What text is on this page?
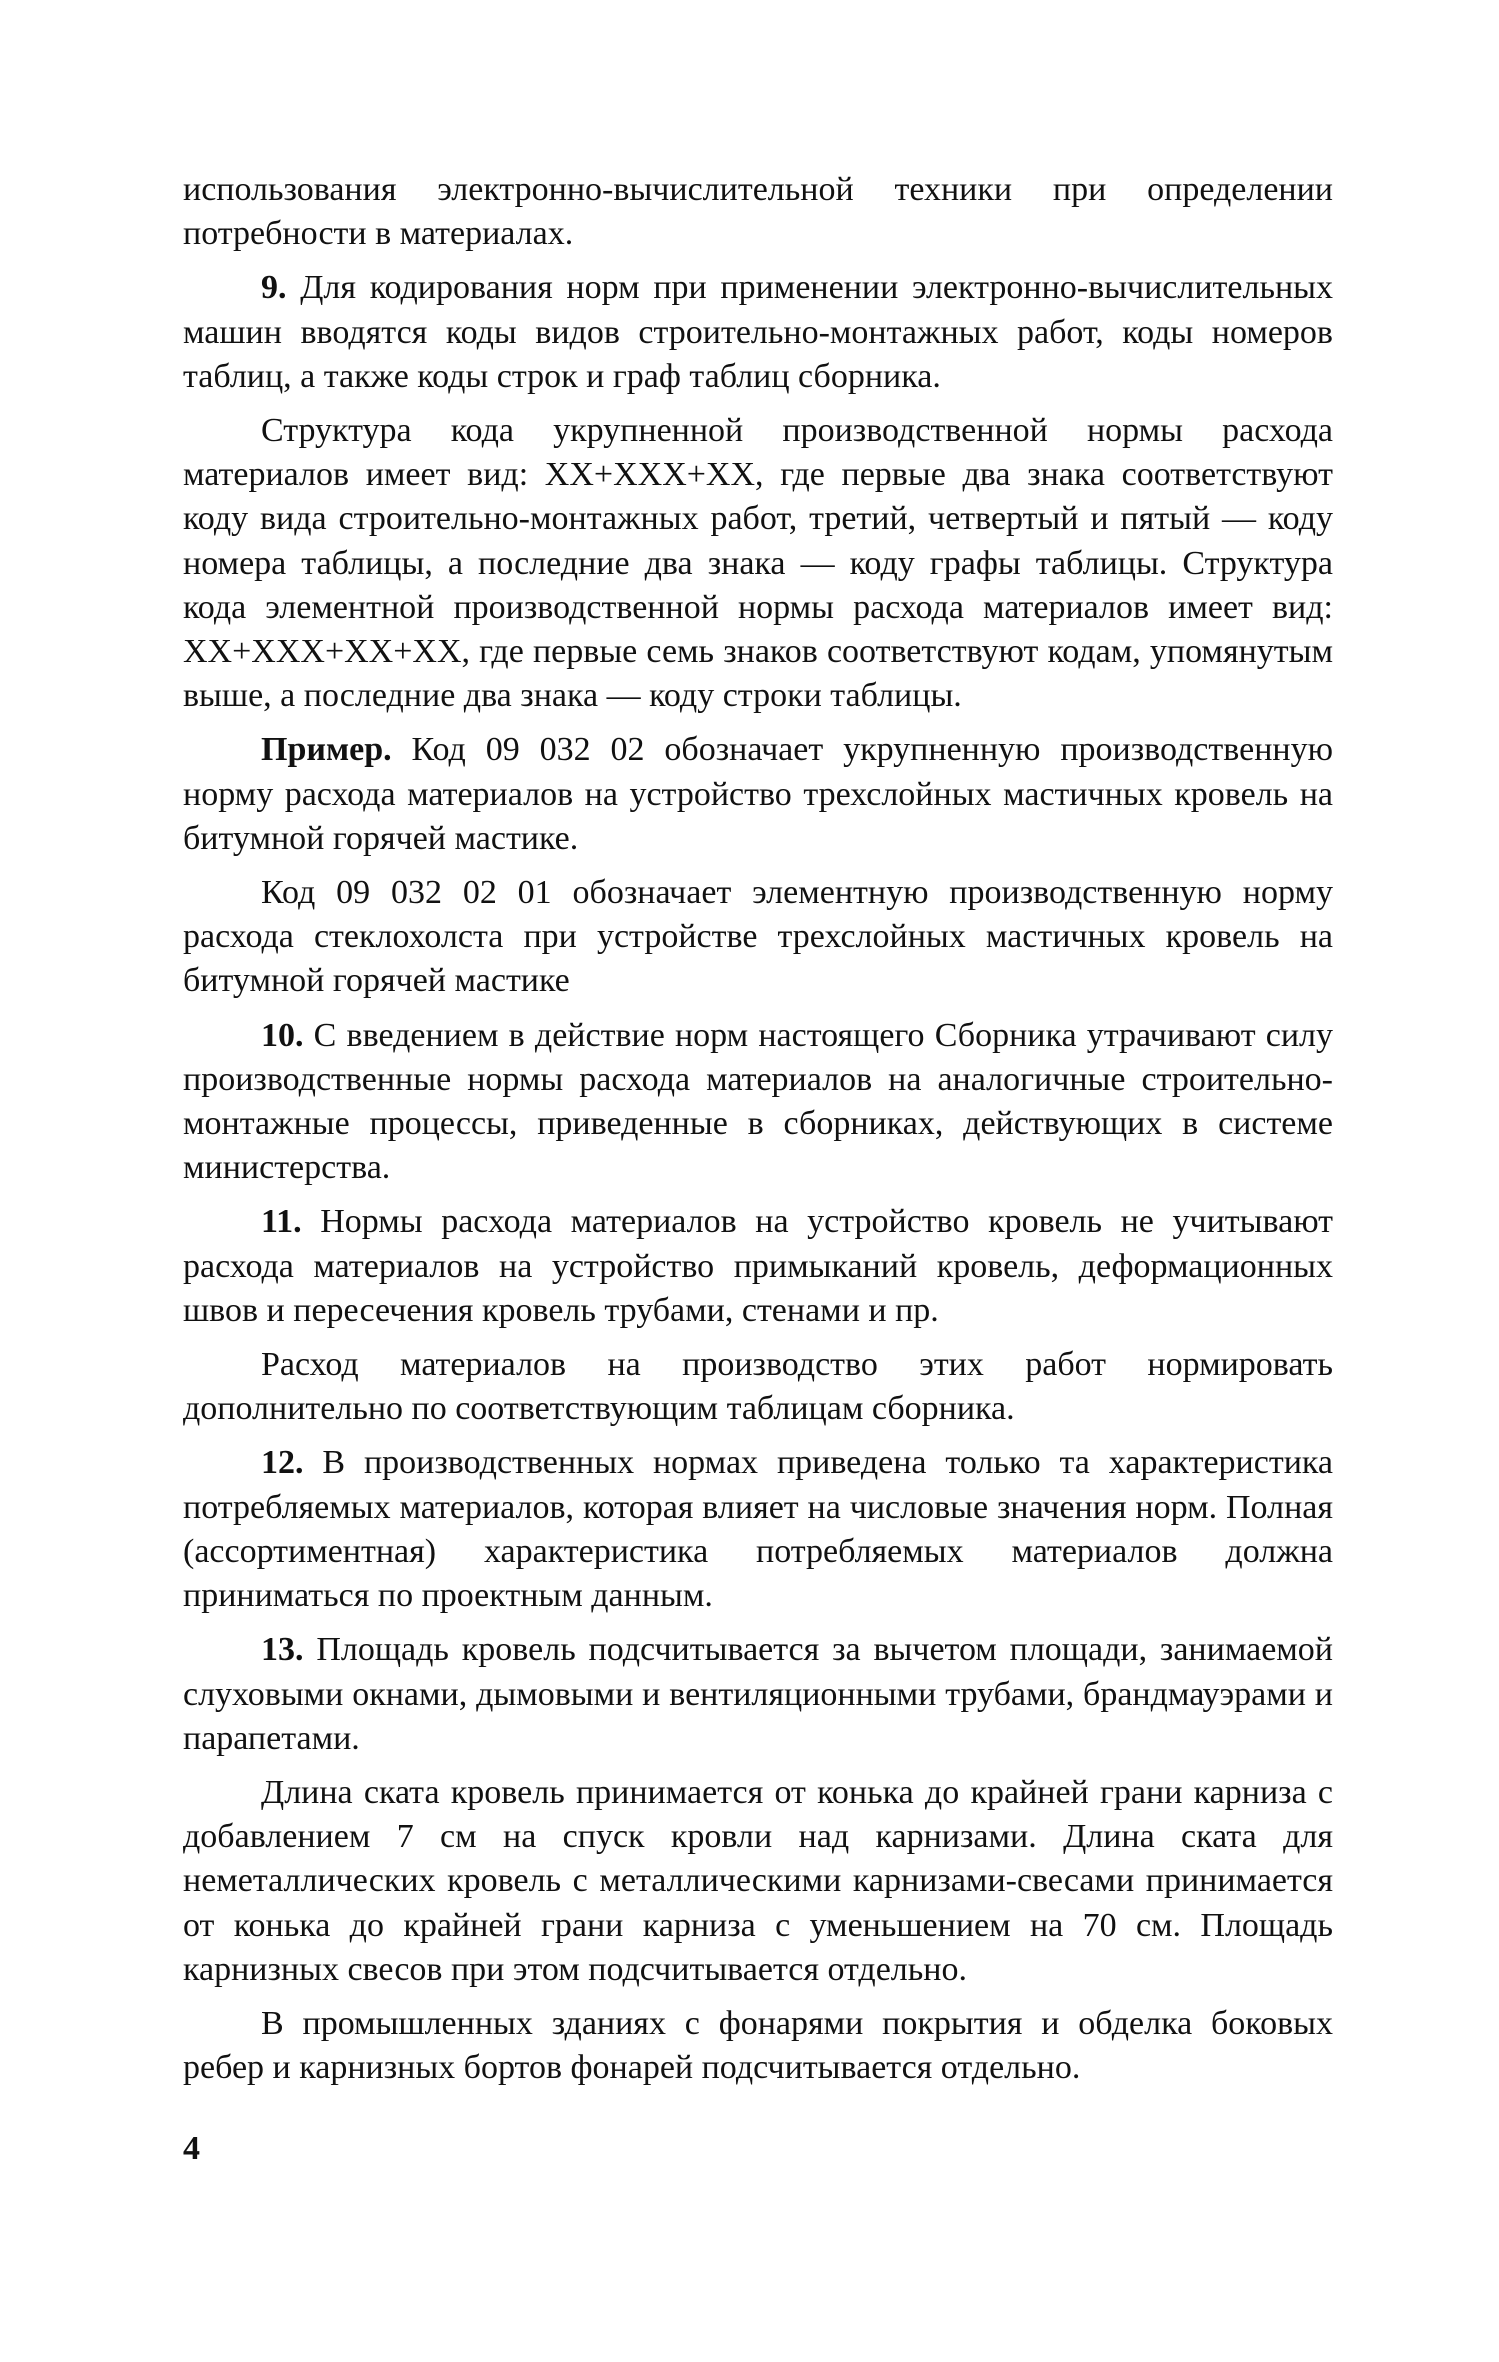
использования электронно-вычислительной техники при определении потребности в материалах.

9. Для кодирования норм при применении электронно-вычислительных машин вводятся коды видов строительно-монтажных работ, коды номеров таблиц, а также коды строк и граф таблиц сборника.

Структура кода укрупненной производственной нормы расхода материалов имеет вид: XX+XXX+XX, где первые два знака соответствуют коду вида строительно-монтажных работ, третий, четвертый и пятый — коду номера таблицы, а последние два знака — коду графы таблицы. Структура кода элементной производственной нормы расхода материалов имеет вид: XX+XXX+XX+XX, где первые семь знаков соответствуют кодам, упомянутым выше, а последние два знака — коду строки таблицы.

Пример. Код 09 032 02 обозначает укрупненную производственную норму расхода материалов на устройство трехслойных мастичных кровель на битумной горячей мастике.

Код 09 032 02 01 обозначает элементную производственную норму расхода стеклохолста при устройстве трехслойных мастичных кровель на битумной горячей мастике

10. С введением в действие норм настоящего Сборника утрачивают силу производственные нормы расхода материалов на аналогичные строительно-монтажные процессы, приведенные в сборниках, действующих в системе министерства.

11. Нормы расхода материалов на устройство кровель не учитывают расхода материалов на устройство примыканий кровель, деформационных швов и пересечения кровель трубами, стенами и пр.

Расход материалов на производство этих работ нормировать дополнительно по соответствующим таблицам сборника.

12. В производственных нормах приведена только та характеристика потребляемых материалов, которая влияет на числовые значения норм. Полная (ассортиментная) характеристика потребляемых материалов должна приниматься по проектным данным.

13. Площадь кровель подсчитывается за вычетом площади, занимаемой слуховыми окнами, дымовыми и вентиляционными трубами, брандмауэрами и парапетами.

Длина ската кровель принимается от конька до крайней грани карниза с добавлением 7 см на спуск кровли над карнизами. Длина ската для неметаллических кровель с металлическими карнизами-свесами принимается от конька до крайней грани карниза с уменьшением на 70 см. Площадь карнизных свесов при этом подсчитывается отдельно.

В промышленных зданиях с фонарями покрытия и обделка боковых ребер и карнизных бортов фонарей подсчитывается отдельно.

4
